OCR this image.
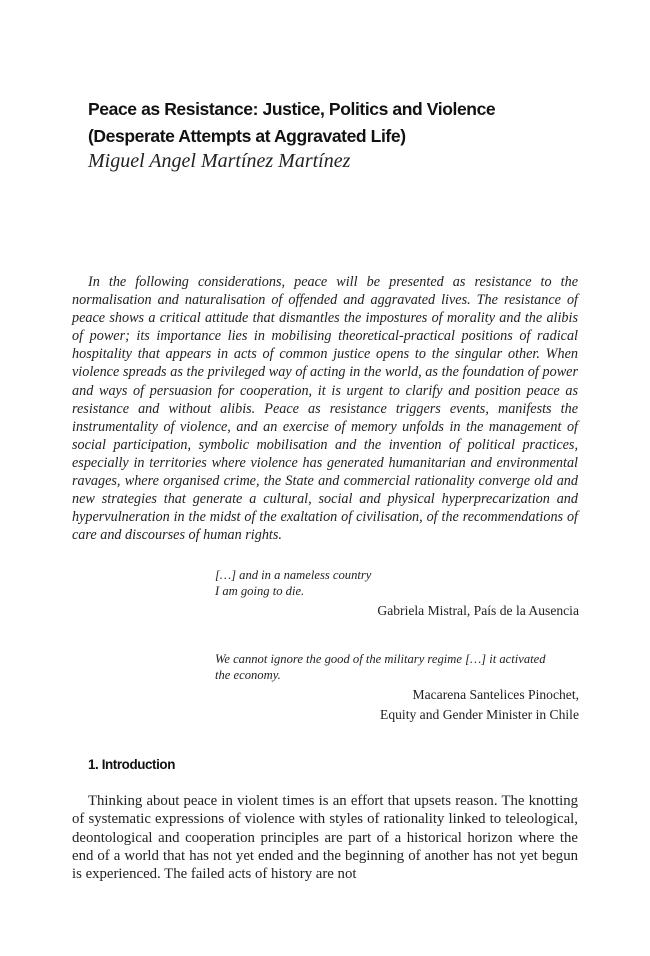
Peace as Resistance: Justice, Politics and Violence
(Desperate Attempts at Aggravated Life)

Miguel Angel Martínez Martínez

In the following considerations, peace will be presented as resistance to the normalisation and naturalisation of offended and aggravated lives. The resistance of peace shows a critical attitude that dismantles the impostures of morality and the alibis of power; its importance lies in mobilising theoretical-practical positions of radical hospitality that appears in acts of common justice opens to the singular other. When violence spreads as the privileged way of acting in the world, as the foundation of power and ways of persuasion for cooperation, it is urgent to clarify and position peace as resistance and without alibis. Peace as resistance triggers events, manifests the instrumentality of violence, and an exercise of memory unfolds in the management of social participation, symbolic mobilisation and the invention of political practices, especially in territories where violence has generated humanitarian and environmental ravages, where organised crime, the State and commercial rationality converge old and new strategies that generate a cultural, social and physical hyperprecarization and hypervulneration in the midst of the exaltation of civilisation, of the recommendations of care and discourses of human rights.

[…] and in a nameless country
I am going to die.

Gabriela Mistral, País de la Ausencia

We cannot ignore the good of the military regime […] it activated
the economy.

Macarena Santelices Pinochet,
Equity and Gender Minister in Chile

1. Introduction

Thinking about peace in violent times is an effort that upsets reason. The knotting of systematic expressions of violence with styles of rationality linked to teleological, deontological and cooperation principles are part of a historical horizon where the end of a world that has not yet ended and the beginning of another has not yet begun is experienced. The failed acts of history are not
